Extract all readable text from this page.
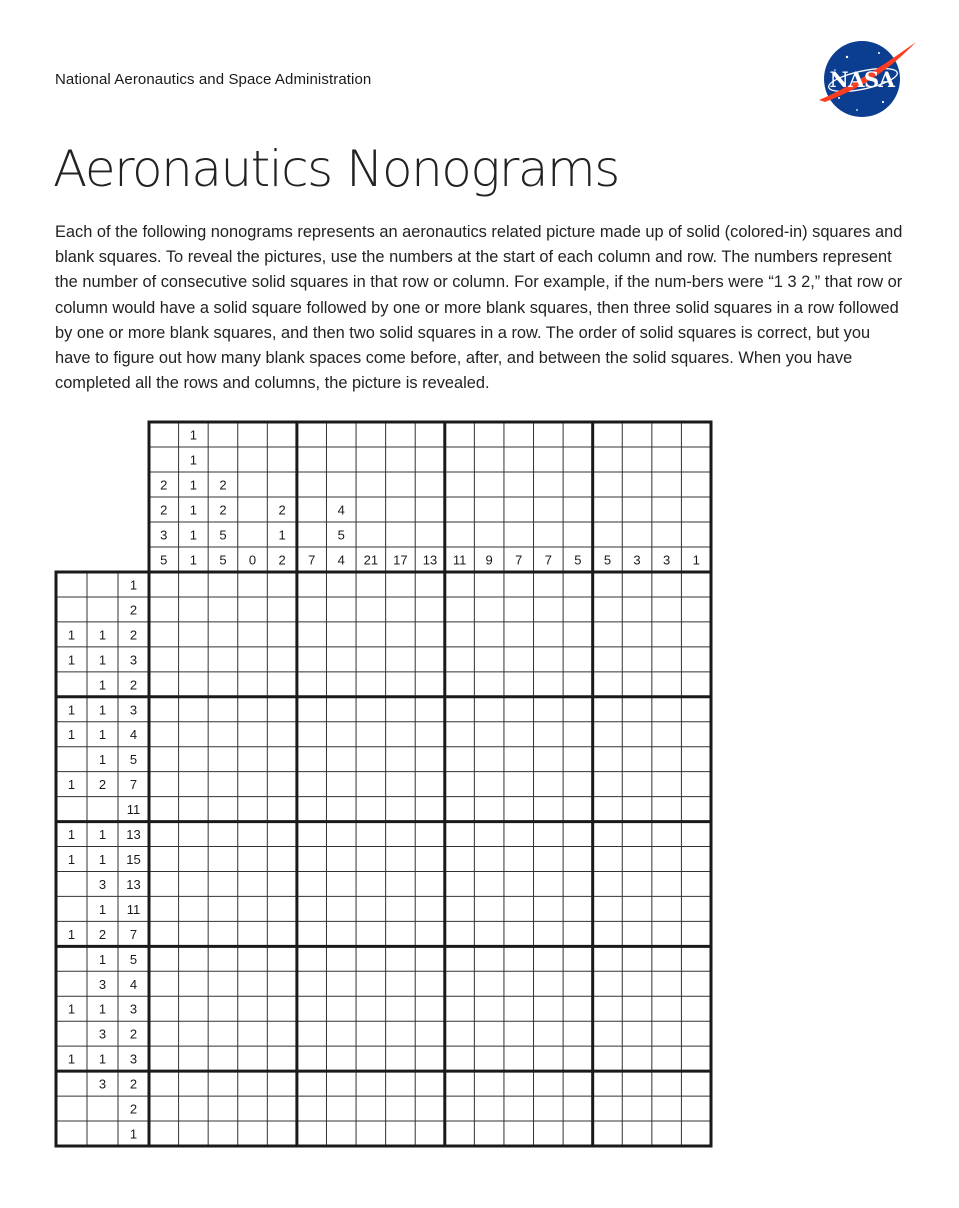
National Aeronautics and Space Administration	NASA
Aeronautics Nonograms

Each of the following nonograms represents an aeronautics related picture made up of solid (colored-in) squares and blank squares. To reveal the pictures, use the numbers at the start of each column and row. The numbers represent the number of consecutive solid squares in that row or column. For example, if the num-bers were “1 3 2,” that row or column would have a solid square followed by one or more blank squares, then three solid squares in a row followed by one or more blank squares, and then two solid squares in a row. The order of solid squares is correct, but you have to figure out how many blank spaces come before, after, and between the solid squares. When you have completed all the rows and columns, the picture is revealed.

2
2
3
5
1
1
1
1
1
1
2
2
5
5 0
2
1
2 7
4
5
4 21 17 13 11 9 7 7 5 5 3 3 1
1
2
1 1 2
1 1 3
1 2
1 1 3
1 1 4
1 5
1 2 7
11
1 1 13
1 1 15
3 13
1 11
1 2 7
1 5
3 4
1 1 3
3 2
1 1 3
3 2
2
1
